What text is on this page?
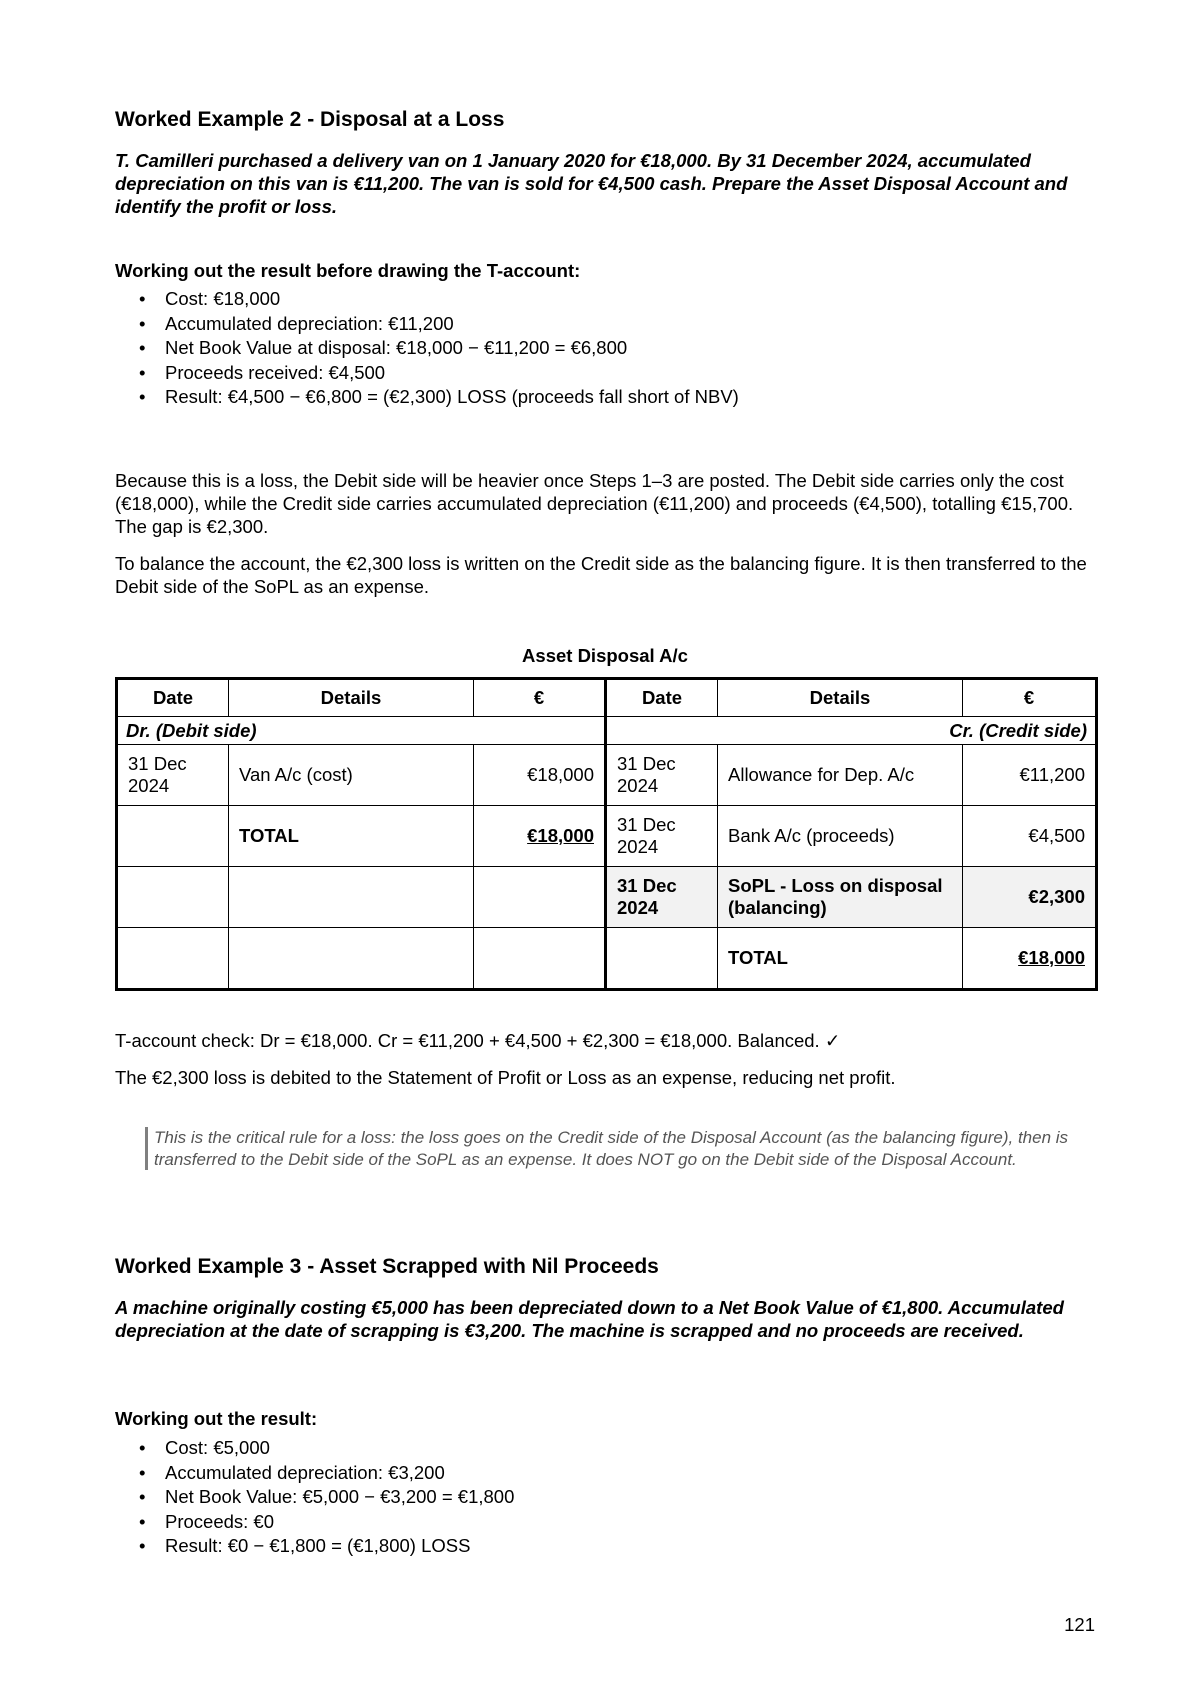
Worked Example 2 - Disposal at a Loss

T. Camilleri purchased a delivery van on 1 January 2020 for €18,000. By 31 December 2024, accumulated depreciation on this van is €11,200. The van is sold for €4,500 cash. Prepare the Asset Disposal Account and identify the profit or loss.

Working out the result before drawing the T-account:

• Cost: €18,000
• Accumulated depreciation: €11,200
• Net Book Value at disposal: €18,000 − €11,200 = €6,800
• Proceeds received: €4,500
• Result: €4,500 − €6,800 = (€2,300) LOSS (proceeds fall short of NBV)

Because this is a loss, the Debit side will be heavier once Steps 1–3 are posted. The Debit side carries only the cost (€18,000), while the Credit side carries accumulated depreciation (€11,200) and proceeds (€4,500), totalling €15,700. The gap is €2,300.

To balance the account, the €2,300 loss is written on the Credit side as the balancing figure. It is then transferred to the Debit side of the SoPL as an expense.

Asset Disposal A/c

Date	Details	€	Date	Details	€
Dr. (Debit side)			Cr. (Credit side)		
31 Dec 2024	Van A/c (cost)	€18,000	31 Dec 2024	Allowance for Dep. A/c	€11,200
	TOTAL	€18,000	31 Dec 2024	Bank A/c (proceeds)	€4,500
			31 Dec 2024	SoPL - Loss on disposal (balancing)	€2,300
				TOTAL	€18,000

T-account check: Dr = €18,000. Cr = €11,200 + €4,500 + €2,300 = €18,000. Balanced. ✓

The €2,300 loss is debited to the Statement of Profit or Loss as an expense, reducing net profit.

This is the critical rule for a loss: the loss goes on the Credit side of the Disposal Account (as the balancing figure), then is transferred to the Debit side of the SoPL as an expense. It does NOT go on the Debit side of the Disposal Account.

Worked Example 3 - Asset Scrapped with Nil Proceeds

A machine originally costing €5,000 has been depreciated down to a Net Book Value of €1,800. Accumulated depreciation at the date of scrapping is €3,200. The machine is scrapped and no proceeds are received.

Working out the result:

• Cost: €5,000
• Accumulated depreciation: €3,200
• Net Book Value: €5,000 − €3,200 = €1,800
• Proceeds: €0
• Result: €0 − €1,800 = (€1,800) LOSS
121
